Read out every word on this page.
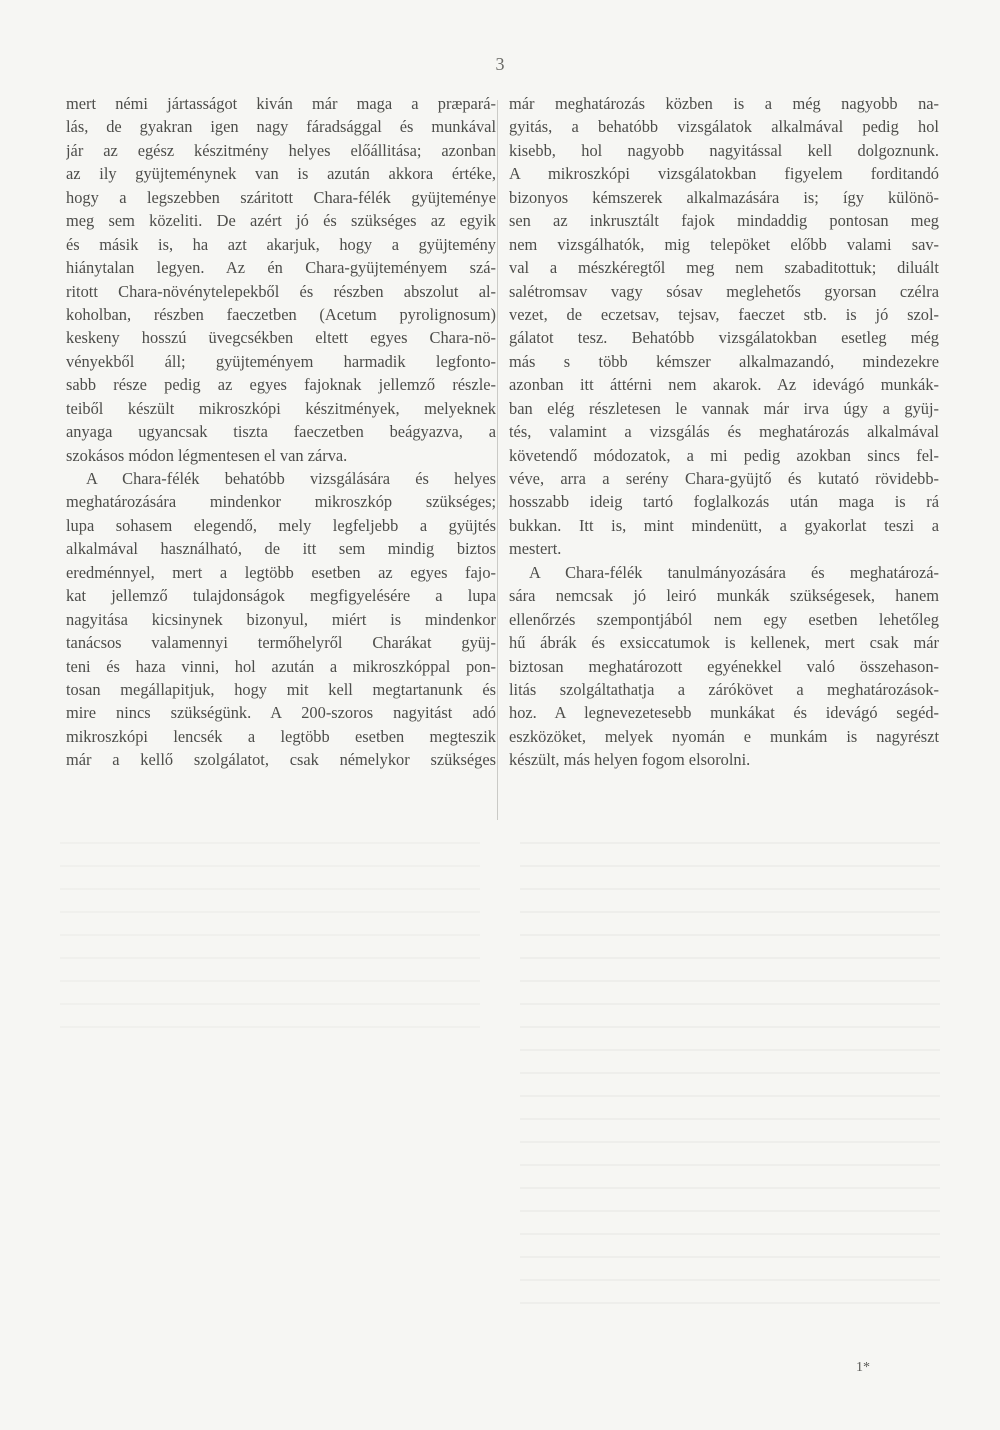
3
mert némi jártasságot kiván már maga a præpará-
lás, de gyakran igen nagy fáradsággal és munkával
jár az egész készitmény helyes előállitása; azonban
az ily gyüjteménynek van is azután akkora értéke,
hogy a legszebben száritott Chara-félék gyüjteménye
meg sem közeliti. De azért jó és szükséges az egyik
és másik is, ha azt akarjuk, hogy a gyüjtemény
hiánytalan legyen. Az én Chara-gyüjteményem szá-
ritott Chara-növénytelepekből és részben abszolut al-
koholban, részben faeczetben (Acetum pyrolignosum)
keskeny hosszú üvegcsékben eltett egyes Chara-nö-
vényekből áll; gyüjteményem harmadik legfonto-
sabb része pedig az egyes fajoknak jellemző részle-
teiből készült mikroszkópi készitmények, melyeknek
anyaga ugyancsak tiszta faeczetben beágyazva, a
szokásos módon légmentesen el van zárva.
A Chara-félék behatóbb vizsgálására és helyes
meghatározására mindenkor mikroszkóp szükséges;
lupa sohasem elegendő, mely legfeljebb a gyüjtés
alkalmával használható, de itt sem mindig biztos
eredménnyel, mert a legtöbb esetben az egyes fajo-
kat jellemző tulajdonságok megfigyelésére a lupa
nagyitása kicsinynek bizonyul, miért is mindenkor
tanácsos valamennyi termőhelyről Charákat gyüj-
teni és haza vinni, hol azután a mikroszkóppal pon-
tosan megállapitjuk, hogy mit kell megtartanunk és
mire nincs szükségünk. A 200-szoros nagyitást adó
mikroszkópi lencsék a legtöbb esetben megteszik
már a kellő szolgálatot, csak némelykor szükséges
már meghatározás közben is a még nagyobb na-
gyitás, a behatóbb vizsgálatok alkalmával pedig hol
kisebb, hol nagyobb nagyitással kell dolgoznunk.
A mikroszkópi vizsgálatokban figyelem forditandó
bizonyos kémszerek alkalmazására is; így különö-
sen az inkrusztált fajok mindaddig pontosan meg
nem vizsgálhatók, mig telepöket előbb valami sav-
val a mészkéregtől meg nem szabaditottuk; diluált
salétromsav vagy sósav meglehetős gyorsan czélra
vezet, de eczetsav, tejsav, faeczet stb. is jó szol-
gálatot tesz. Behatóbb vizsgálatokban esetleg még
más s több kémszer alkalmazandó, mindezekre
azonban itt áttérni nem akarok. Az idevágó munkák-
ban elég részletesen le vannak már irva úgy a gyüj-
tés, valamint a vizsgálás és meghatározás alkalmával
követendő módozatok, a mi pedig azokban sincs fel-
véve, arra a serény Chara-gyüjtő és kutató rövidebb-
hosszabb ideig tartó foglalkozás után maga is rá
bukkan. Itt is, mint mindenütt, a gyakorlat teszi a
mestert.
A Chara-félék tanulmányozására és meghatározá-
sára nemcsak jó leiró munkák szükségesek, hanem
ellenőrzés szempontjából nem egy esetben lehetőleg
hű ábrák és exsiccatumok is kellenek, mert csak már
biztosan meghatározott egyénekkel való összehason-
litás szolgáltathatja a zárókövet a meghatározások-
hoz. A legnevezetesebb munkákat és idevágó segéd-
eszközöket, melyek nyomán e munkám is nagyrészt
készült, más helyen fogom elsorolni.
1*
